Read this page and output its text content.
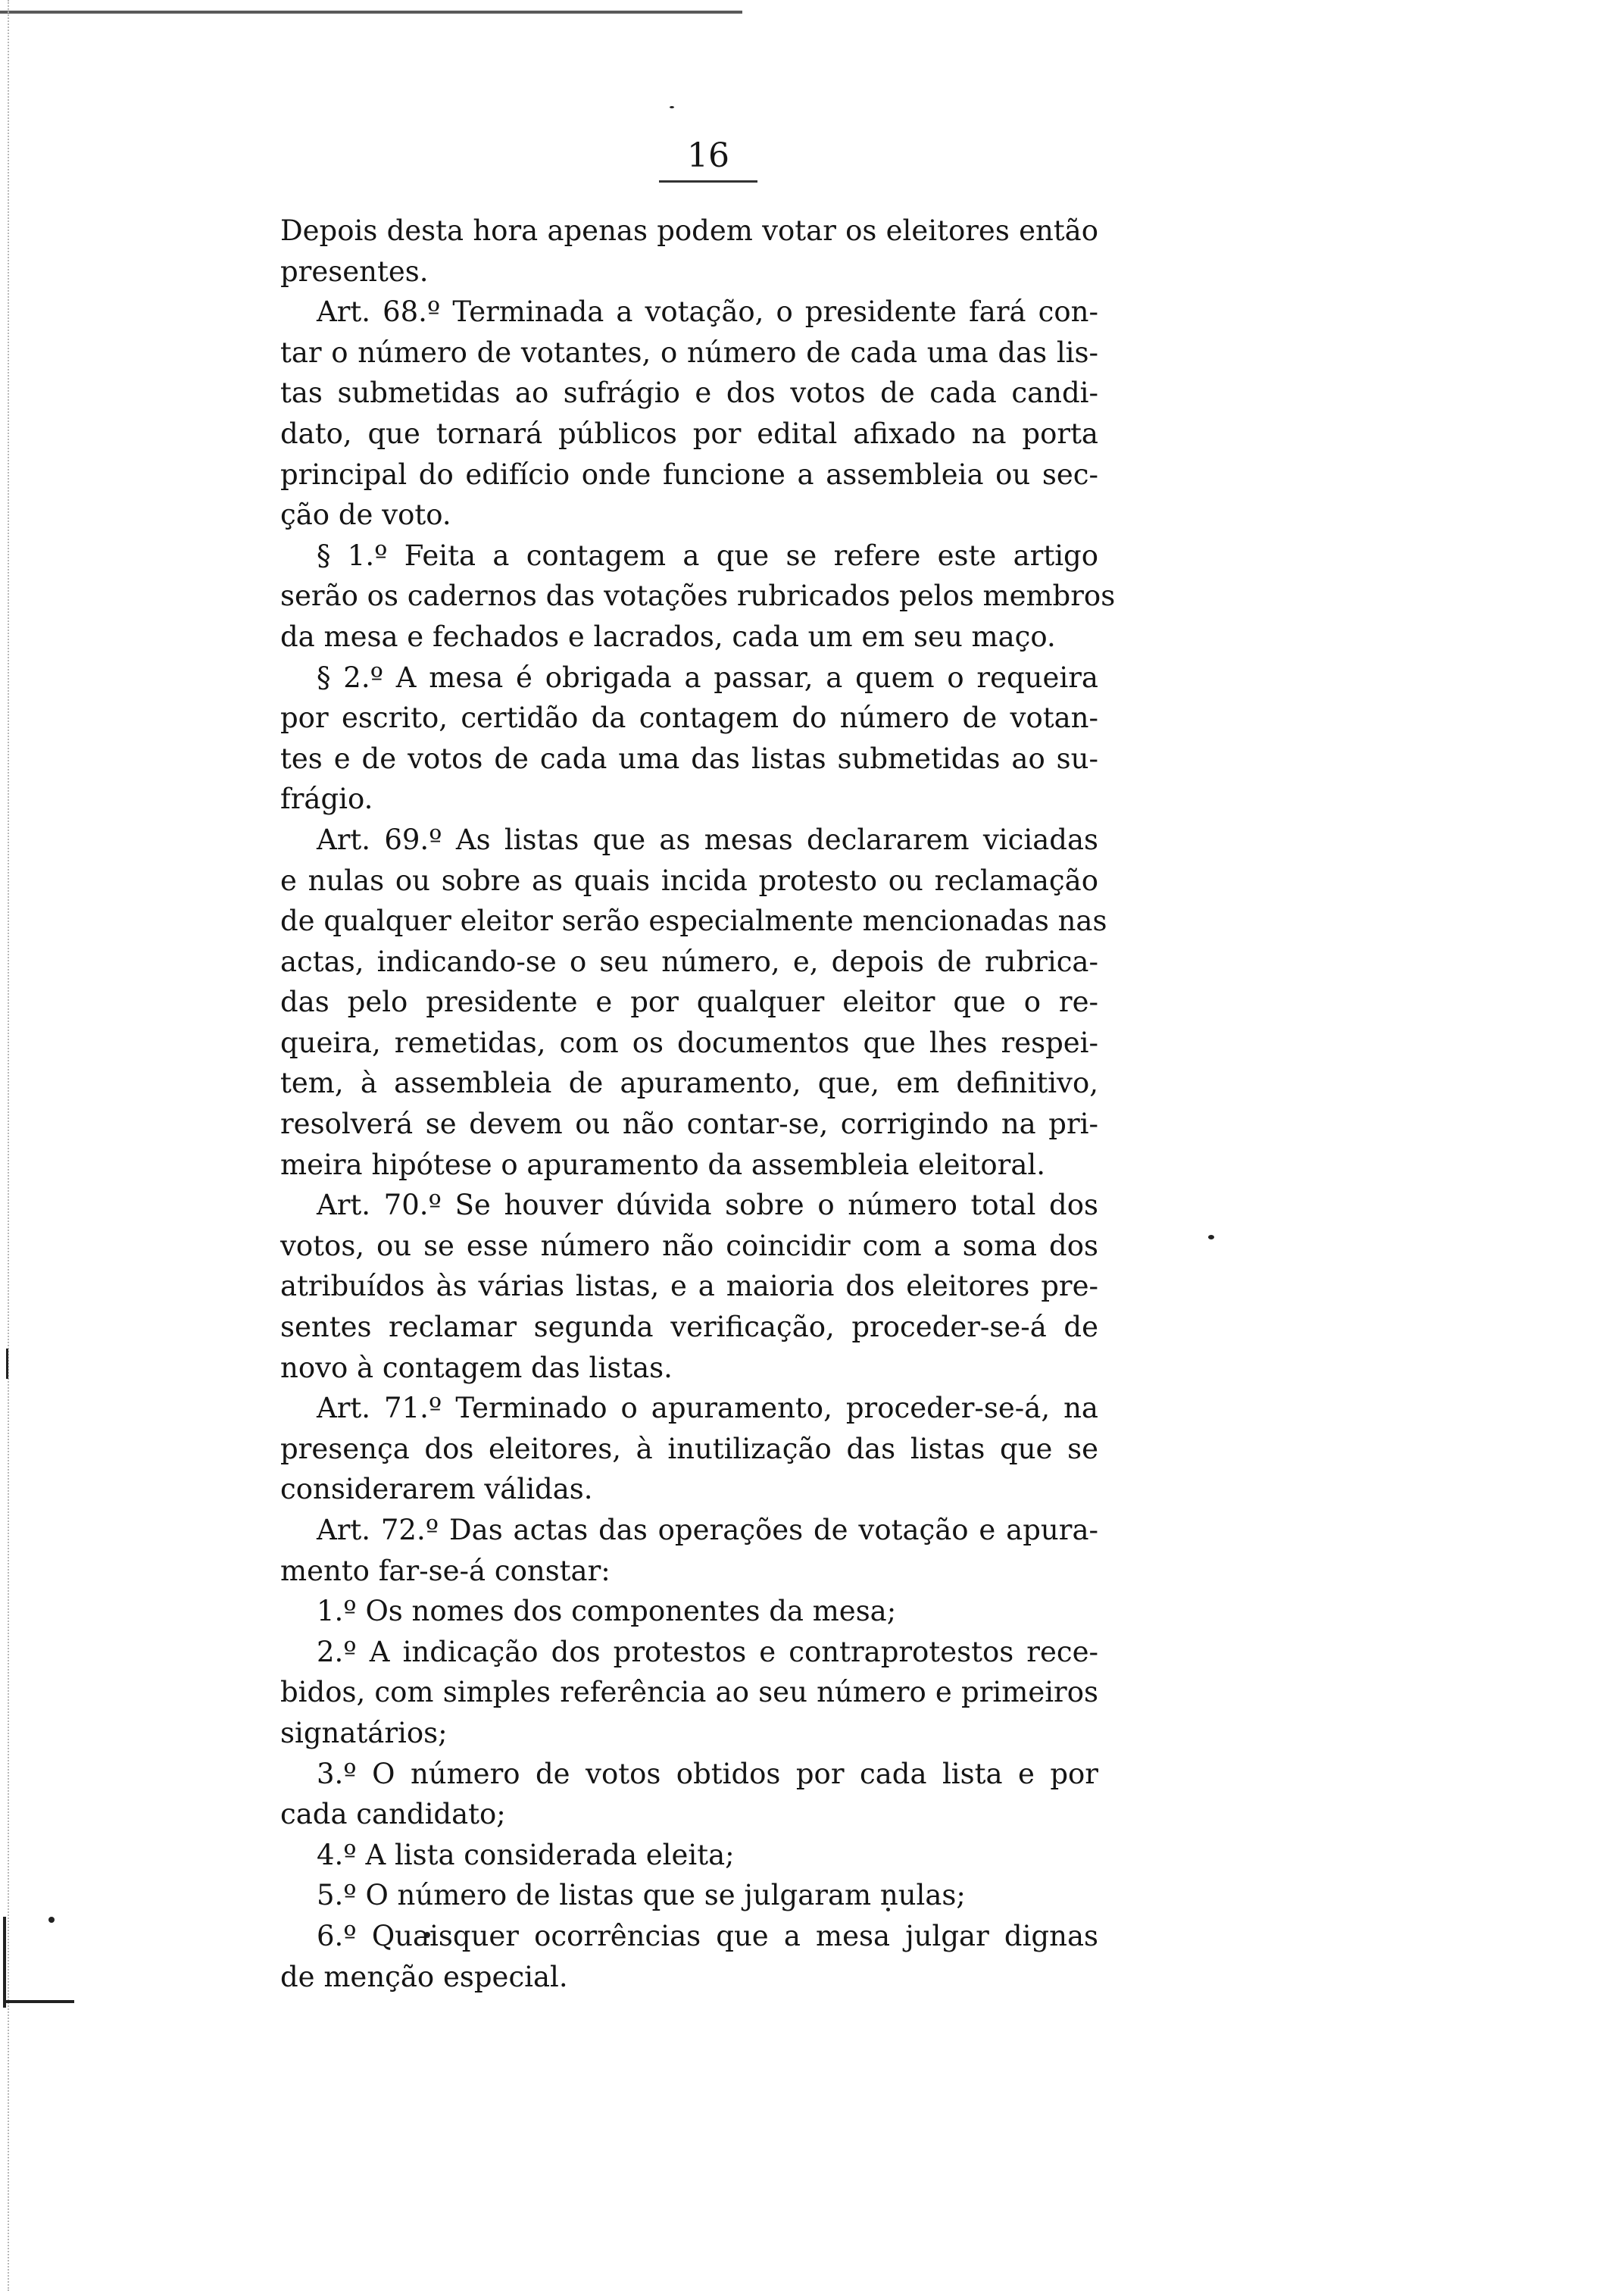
16
Depois desta hora apenas podem votar os eleitores então
presentes.
Art. 68.º Terminada a votação, o presidente fará con-
tar o número de votantes, o número de cada uma das lis-
tas submetidas ao sufrágio e dos votos de cada candi-
dato, que tornará públicos por edital afixado na porta
principal do edifício onde funcione a assembleia ou sec-
ção de voto.
§ 1.º Feita a contagem a que se refere este artigo
serão os cadernos das votações rubricados pelos membros
da mesa e fechados e lacrados, cada um em seu maço.
§ 2.º A mesa é obrigada a passar, a quem o requeira
por escrito, certidão da contagem do número de votan-
tes e de votos de cada uma das listas submetidas ao su-
frágio.
Art. 69.º As listas que as mesas declararem viciadas
e nulas ou sobre as quais incida protesto ou reclamação
de qualquer eleitor serão especialmente mencionadas nas
actas, indicando-se o seu número, e, depois de rubrica-
das pelo presidente e por qualquer eleitor que o re-
queira, remetidas, com os documentos que lhes respei-
tem, à assembleia de apuramento, que, em definitivo,
resolverá se devem ou não contar-se, corrigindo na pri-
meira hipótese o apuramento da assembleia eleitoral.
Art. 70.º Se houver dúvida sobre o número total dos
votos, ou se esse número não coincidir com a soma dos
atribuídos às várias listas, e a maioria dos eleitores pre-
sentes reclamar segunda verificação, proceder-se-á de
novo à contagem das listas.
Art. 71.º Terminado o apuramento, proceder-se-á, na
presença dos eleitores, à inutilização das listas que se
considerarem válidas.
Art. 72.º Das actas das operações de votação e apura-
mento far-se-á constar:
1.º Os nomes dos componentes da mesa;
2.º A indicação dos protestos e contraprotestos rece-
bidos, com simples referência ao seu número e primeiros
signatários;
3.º O número de votos obtidos por cada lista e por
cada candidato;
4.º A lista considerada eleita;
5.º O número de listas que se julgaram nulas;
6.º Quaisquer ocorrências que a mesa julgar dignas
de menção especial.
